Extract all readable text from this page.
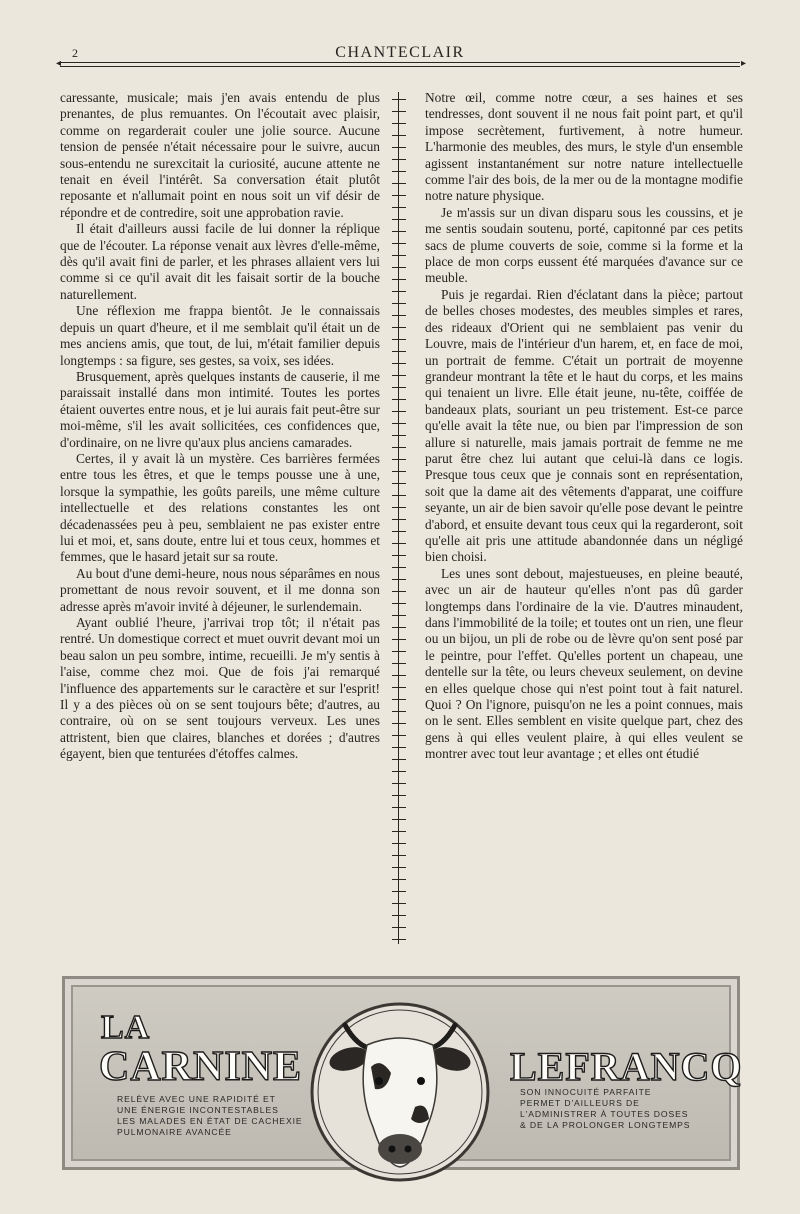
2	CHANTECLAIR
◂	▸

caressante, musicale; mais j'en avais entendu de plus prenantes, de plus remuantes. On l'écoutait avec plaisir, comme on regarderait couler une jolie source. Aucune tension de pensée n'était nécessaire pour le suivre, aucun sous-entendu ne surexcitait la curiosité, aucune attente ne tenait en éveil l'intérêt. Sa conversation était plutôt reposante et n'allumait point en nous soit un vif désir de répondre et de contredire, soit une approbation ravie.

Il était d'ailleurs aussi facile de lui donner la réplique que de l'écouter. La réponse venait aux lèvres d'elle-même, dès qu'il avait fini de parler, et les phrases allaient vers lui comme si ce qu'il avait dit les faisait sortir de la bouche naturellement.

Une réflexion me frappa bientôt. Je le connaissais depuis un quart d'heure, et il me semblait qu'il était un de mes anciens amis, que tout, de lui, m'était familier depuis longtemps : sa figure, ses gestes, sa voix, ses idées.

Brusquement, après quelques instants de causerie, il me paraissait installé dans mon intimité. Toutes les portes étaient ouvertes entre nous, et je lui aurais fait peut-être sur moi-même, s'il les avait sollicitées, ces confidences que, d'ordinaire, on ne livre qu'aux plus anciens camarades.

Certes, il y avait là un mystère. Ces barrières fermées entre tous les êtres, et que le temps pousse une à une, lorsque la sympathie, les goûts pareils, une même culture intellectuelle et des relations constantes les ont décadenassées peu à peu, semblaient ne pas exister entre lui et moi, et, sans doute, entre lui et tous ceux, hommes et femmes, que le hasard jetait sur sa route.

Au bout d'une demi-heure, nous nous séparâmes en nous promettant de nous revoir souvent, et il me donna son adresse après m'avoir invité à déjeuner, le surlendemain.

Ayant oublié l'heure, j'arrivai trop tôt; il n'était pas rentré. Un domestique correct et muet ouvrit devant moi un beau salon un peu sombre, intime, recueilli. Je m'y sentis à l'aise, comme chez moi. Que de fois j'ai remarqué l'influence des appartements sur le caractère et sur l'esprit! Il y a des pièces où on se sent toujours bête; d'autres, au contraire, où on se sent toujours verveux. Les unes attristent, bien que claires, blanches et dorées ; d'autres égayent, bien que tenturées d'étoffes calmes.

Notre œil, comme notre cœur, a ses haines et ses tendresses, dont souvent il ne nous fait point part, et qu'il impose secrètement, furtivement, à notre humeur. L'harmonie des meubles, des murs, le style d'un ensemble agissent instantanément sur notre nature intellectuelle comme l'air des bois, de la mer ou de la montagne modifie notre nature physique.

Je m'assis sur un divan disparu sous les coussins, et je me sentis soudain soutenu, porté, capitonné par ces petits sacs de plume couverts de soie, comme si la forme et la place de mon corps eussent été marquées d'avance sur ce meuble.

Puis je regardai. Rien d'éclatant dans la pièce; partout de belles choses modestes, des meubles simples et rares, des rideaux d'Orient qui ne semblaient pas venir du Louvre, mais de l'intérieur d'un harem, et, en face de moi, un portrait de femme. C'était un portrait de moyenne grandeur montrant la tête et le haut du corps, et les mains qui tenaient un livre. Elle était jeune, nu-tête, coiffée de bandeaux plats, souriant un peu tristement. Est-ce parce qu'elle avait la tête nue, ou bien par l'impression de son allure si naturelle, mais jamais portrait de femme ne me parut être chez lui autant que celui-là dans ce logis. Presque tous ceux que je connais sont en représentation, soit que la dame ait des vêtements d'apparat, une coiffure seyante, un air de bien savoir qu'elle pose devant le peintre d'abord, et ensuite devant tous ceux qui la regarderont, soit qu'elle ait pris une attitude abandonnée dans un négligé bien choisi.

Les unes sont debout, majestueuses, en pleine beauté, avec un air de hauteur qu'elles n'ont pas dû garder longtemps dans l'ordinaire de la vie. D'autres minaudent, dans l'immobilité de la toile; et toutes ont un rien, une fleur ou un bijou, un pli de robe ou de lèvre qu'on sent posé par le peintre, pour l'effet. Qu'elles portent un chapeau, une dentelle sur la tête, ou leurs cheveux seulement, on devine en elles quelque chose qui n'est point tout à fait naturel. Quoi ? On l'ignore, puisqu'on ne les a point connues, mais on le sent. Elles semblent en visite quelque part, chez des gens à qui elles veulent plaire, à qui elles veulent se montrer avec tout leur avantage ; et elles ont étudié

LA
CARNINE	LEFRANCQ
RELÈVE AVEC UNE RAPIDITÉ ET
UNE ÉNERGIE INCONTESTABLES
LES MALADES EN ÉTAT DE CACHEXIE
PULMONAIRE AVANCÉE
SON INNOCUITÉ PARFAITE
PERMET D'AILLEURS DE
L'ADMINISTRER À TOUTES DOSES
& DE LA PROLONGER LONGTEMPS
